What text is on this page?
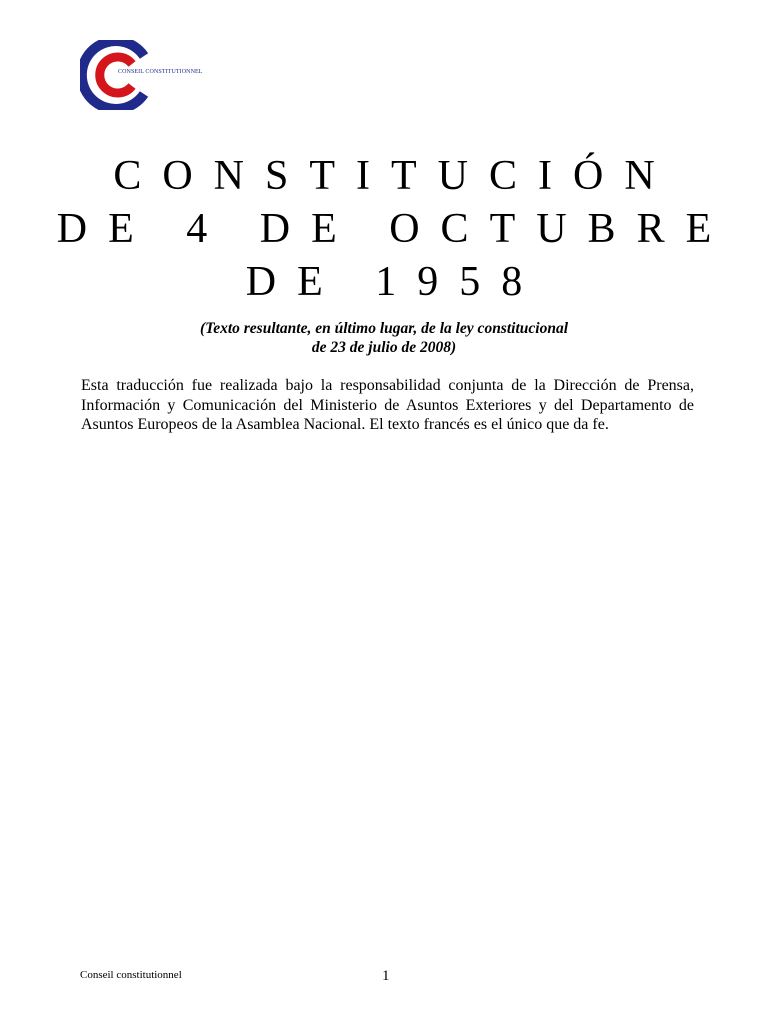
CONSEIL CONSTITUTIONNEL
CONSTITUCIÓN
DE 4 DE OCTUBRE
DE 1958
(Texto resultante, en último lugar, de la ley constitucional
de 23 de julio de 2008)
Esta traducción fue realizada bajo la responsabilidad conjunta de la Dirección de Prensa, Información y Comunicación del Ministerio de Asuntos Exteriores y del Departamento de Asuntos Europeos de la Asamblea Nacional. El texto francés es el único que da fe.
Conseil constitutionnel	1
